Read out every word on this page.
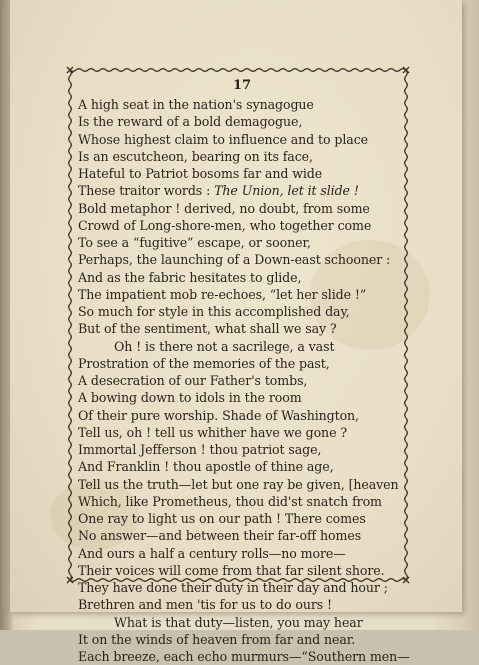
17
A high seat in the nation's synagogue
Is the reward of a bold demagogue,
Whose highest claim to influence and to place
Is an escutcheon, bearing on its face,
Hateful to Patriot bosoms far and wide
These traitor words : The Union, let it slide !
Bold metaphor ! derived, no doubt, from some
Crowd of Long-shore-men, who together come
To see a “fugitive” escape, or sooner,
Perhaps, the launching of a Down-east schooner :
And as the fabric hesitates to glide,
The impatient mob re-echoes, “let her slide !”
So much for style in this accomplished day,
But of the sentiment, what shall we say ?
Oh ! is there not a sacrilege, a vast
Prostration of the memories of the past,
A desecration of our Father's tombs,
A bowing down to idols in the room
Of their pure worship. Shade of Washington,
Tell us, oh ! tell us whither have we gone ?
Immortal Jefferson ! thou patriot sage,
And Franklin ! thou apostle of thine age,
Tell us the truth—let but one ray be given, [heaven
Which, like Prometheus, thou did'st snatch from
One ray to light us on our path ! There comes
No answer—and between their far-off homes
And ours a half a century rolls—no more—
Their voices will come from that far silent shore.
They have done their duty in their day and hour ;
Brethren and men 'tis for us to do ours !
What is that duty—listen, you may hear
It on the winds of heaven from far and near.
Each breeze, each echo murmurs—“Southern men—
